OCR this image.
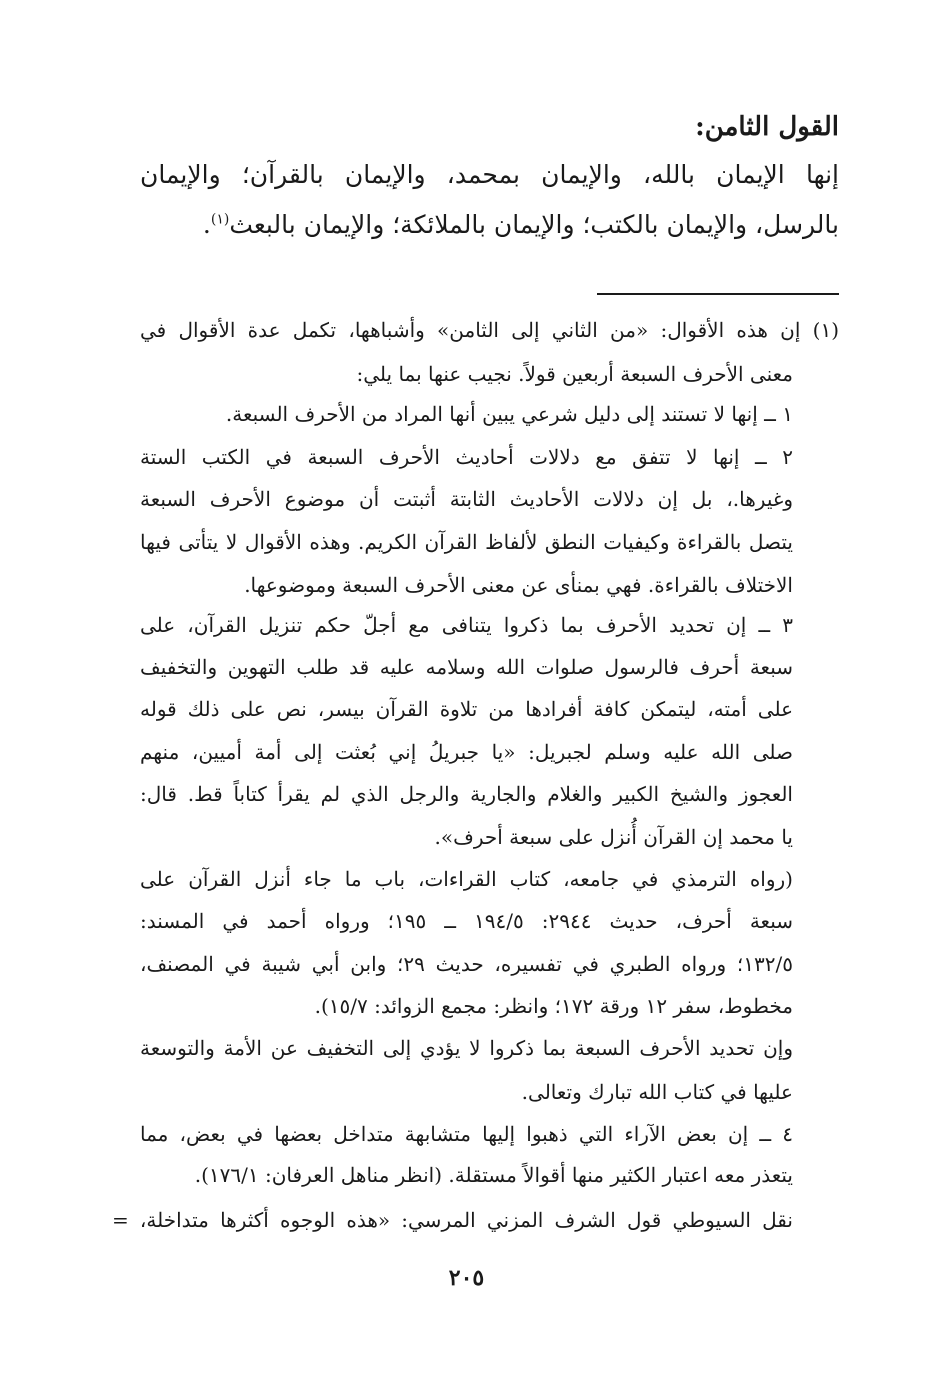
القول الثامن:
إنها الإيمان بالله، والإيمان بمحمد، والإيمان بالقرآن؛ والإيمان
بالرسل، والإيمان بالكتب؛ والإيمان بالملائكة؛ والإيمان بالبعث$^{(١)}$.
(١) إن هذه الأقوال: «من الثاني إلى الثامن» وأشباهها، تكمل عدة الأقوال في
معنى الأحرف السبعة أربعين قولاً. نجيب عنها بما يلي:
١ ــ إنها لا تستند إلى دليل شرعي يبين أنها المراد من الأحرف السبعة.
٢ ــ إنها لا تتفق مع دلالات أحاديث الأحرف السبعة في الكتب الستة
وغيرها.، بل إن دلالات الأحاديث الثابتة أثبتت أن موضوع الأحرف السبعة
يتصل بالقراءة وكيفيات النطق لألفاظ القرآن الكريم. وهذه الأقوال لا يتأتى فيها
الاختلاف بالقراءة. فهي بمنأى عن معنى الأحرف السبعة وموضوعها.
٣ ــ إن تحديد الأحرف بما ذكروا يتنافى مع أجلّ حكم تنزيل القرآن، على
سبعة أحرف فالرسول صلوات الله وسلامه عليه قد طلب التهوين والتخفيف
على أمته، ليتمكن كافة أفرادها من تلاوة القرآن بيسر، نص على ذلك قوله
صلى الله عليه وسلم لجبريل: «يا جبريلُ إني بُعثت إلى أمة أميين، منهم
العجوز والشيخ الكبير والغلام والجارية والرجل الذي لم يقرأ كتاباً قط. قال:
يا محمد إن القرآن أُنزل على سبعة أحرف».
(رواه الترمذي في جامعه، كتاب القراءات، باب ما جاء أنزل القرآن على
سبعة أحرف، حديث ٢٩٤٤: ١٩٤/٥ ــ ١٩٥؛ ورواه أحمد في المسند:
١٣٢/٥؛ ورواه الطبري في تفسيره، حديث ٢٩؛ وابن أبي شيبة في المصنف،
مخطوط، سفر ١٢ ورقة ١٧٢؛ وانظر: مجمع الزوائد: ١٥/٧).
وإن تحديد الأحرف السبعة بما ذكروا لا يؤدي إلى التخفيف عن الأمة والتوسعة
عليها في كتاب الله تبارك وتعالى.
٤ ــ إن بعض الآراء التي ذهبوا إليها متشابهة متداخل بعضها في بعض، مما
يتعذر معه اعتبار الكثير منها أقوالاً مستقلة. (انظر مناهل العرفان: ١٧٦/١).
نقل السيوطي قول الشرف المزني المرسي: «هذه الوجوه أكثرها متداخلة، =
٢٠٥
